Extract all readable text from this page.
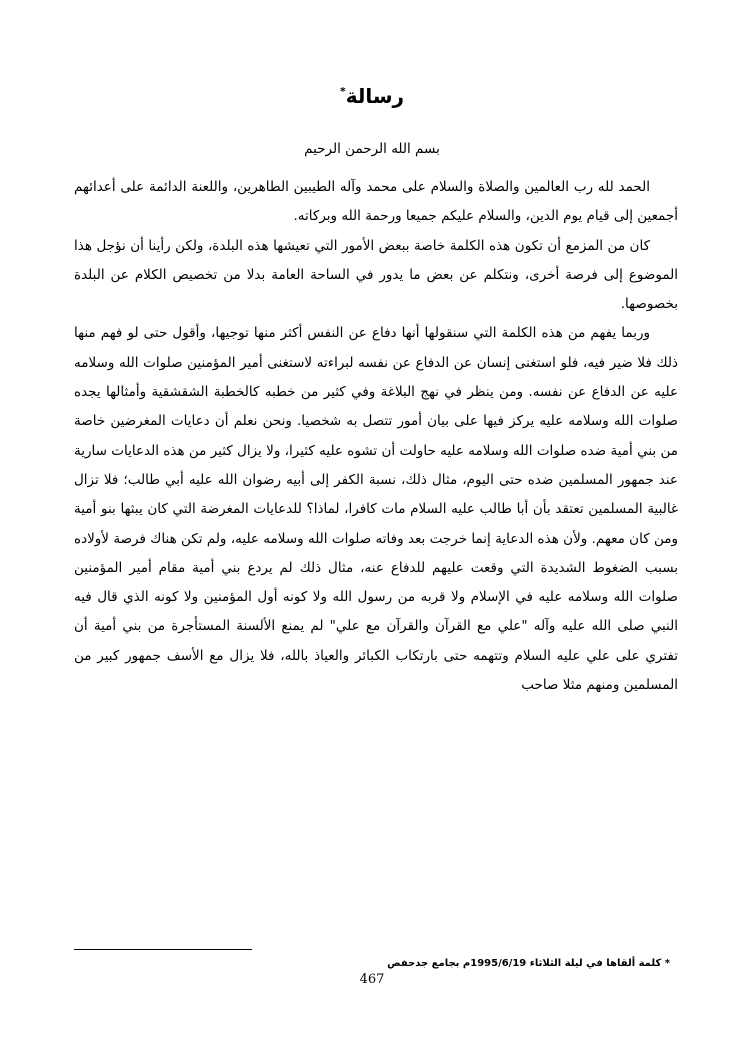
رسالة*
بسم الله الرحمن الرحيم

الحمد لله رب العالمين والصلاة والسلام على محمد وآله الطيبين الطاهرين، واللعنة الدائمة على أعدائهم أجمعين إلى قيام يوم الدين، والسلام عليكم جميعا ورحمة الله وبركاته.

كان من المزمع أن تكون هذه الكلمة خاصة ببعض الأمور التي تعيشها هذه البلدة، ولكن رأينا أن نؤجل هذا الموضوع إلى فرصة أخرى، ونتكلم عن بعض ما يدور في الساحة العامة بدلا من تخصيص الكلام عن البلدة بخصوصها.

وربما يفهم من هذه الكلمة التي سنقولها أنها دفاع عن النفس أكثر منها توجيها، وأقول حتى لو فهم منها ذلك فلا ضير فيه، فلو استغنى إنسان عن الدفاع عن نفسه لبراءته لاستغنى أمير المؤمنين صلوات الله وسلامه عليه عن الدفاع عن نفسه. ومن ينظر في نهج البلاغة وفي كثير من خطبه كالخطبة الشقشقية وأمثالها يجده صلوات الله وسلامه عليه يركز فيها على بيان أمور تتصل به شخصيا. ونحن نعلم أن دعايات المغرضين خاصة من بني أمية ضده صلوات الله وسلامه عليه حاولت أن تشوه عليه كثيرا، ولا يزال كثير من هذه الدعايات سارية عند جمهور المسلمين ضده حتى اليوم، مثال ذلك، نسبة الكفر إلى أبيه رضوان الله عليه أبي طالب؛ فلا تزال غالبية المسلمين تعتقد بأن أبا طالب عليه السلام مات كافرا، لماذا؟ للدعايات المغرضة التي كان يبثها بنو أمية ومن كان معهم. ولأن هذه الدعاية إنما خرجت بعد وفاته صلوات الله وسلامه عليه، ولم تكن هناك فرصة لأولاده بسبب الضغوط الشديدة التي وقعت عليهم للدفاع عنه، مثال ذلك لم يردع بني أمية مقام أمير المؤمنين صلوات الله وسلامه عليه في الإسلام ولا قربه من رسول الله ولا كونه أول المؤمنين ولا كونه الذي قال فيه النبي صلى الله عليه وآله "علي مع القرآن والقرآن مع علي" لم يمنع الألسنة المستأجرة من بني أمية أن تفتري على علي عليه السلام وتتهمه حتى بارتكاب الكبائر والعياذ بالله، فلا يزال مع الأسف جمهور كبير من المسلمين ومنهم مثلا صاحب

* كلمة ألقاها في ليلة الثلاثاء 1995/6/19م بجامع جدحفص
467
